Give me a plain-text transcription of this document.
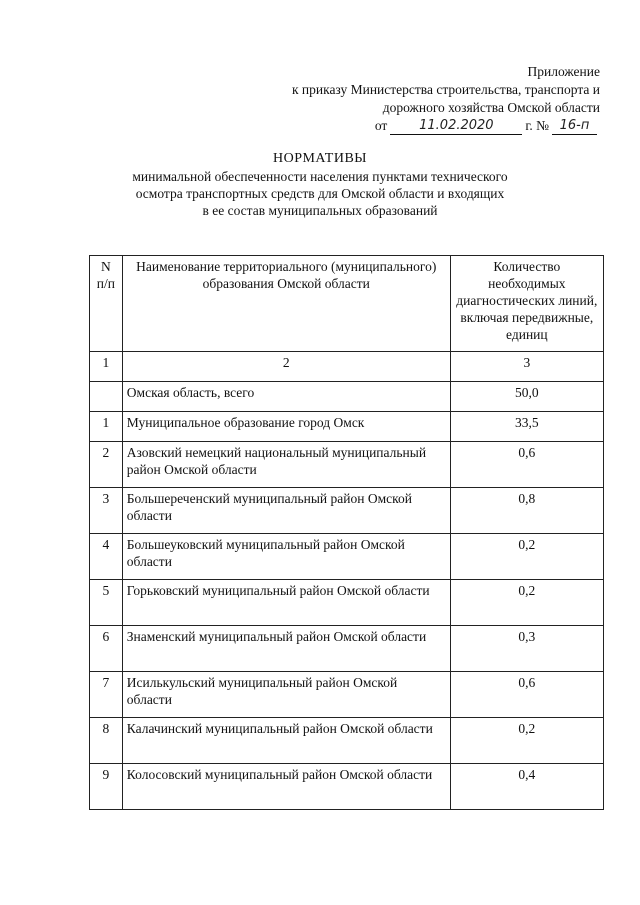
Приложение
к приказу Министерства строительства, транспорта и
дорожного хозяйства Омской области
от	11.02.2020	г. № 16-п
НОРМАТИВЫ
минимальной обеспеченности населения пунктами технического
осмотра транспортных средств для Омской области и входящих
в ее состав муниципальных образований
N п/п	Наименование территориального (муниципального) образования Омской области	Количество необходимых диагностических линий, включая передвижные, единиц
1	2	3
	Омская область, всего	50,0
1	Муниципальное образование город Омск	33,5
2	Азовский немецкий национальный муниципальный район Омской области	0,6
3	Большереченский муниципальный район Омской области	0,8
4	Большеуковский муниципальный район Омской области	0,2
5	Горьковский муниципальный район Омской области	0,2
6	Знаменский муниципальный район Омской области	0,3
7	Исилькульский муниципальный район Омской области	0,6
8	Калачинский муниципальный район Омской области	0,2
9	Колосовский муниципальный район Омской области	0,4
